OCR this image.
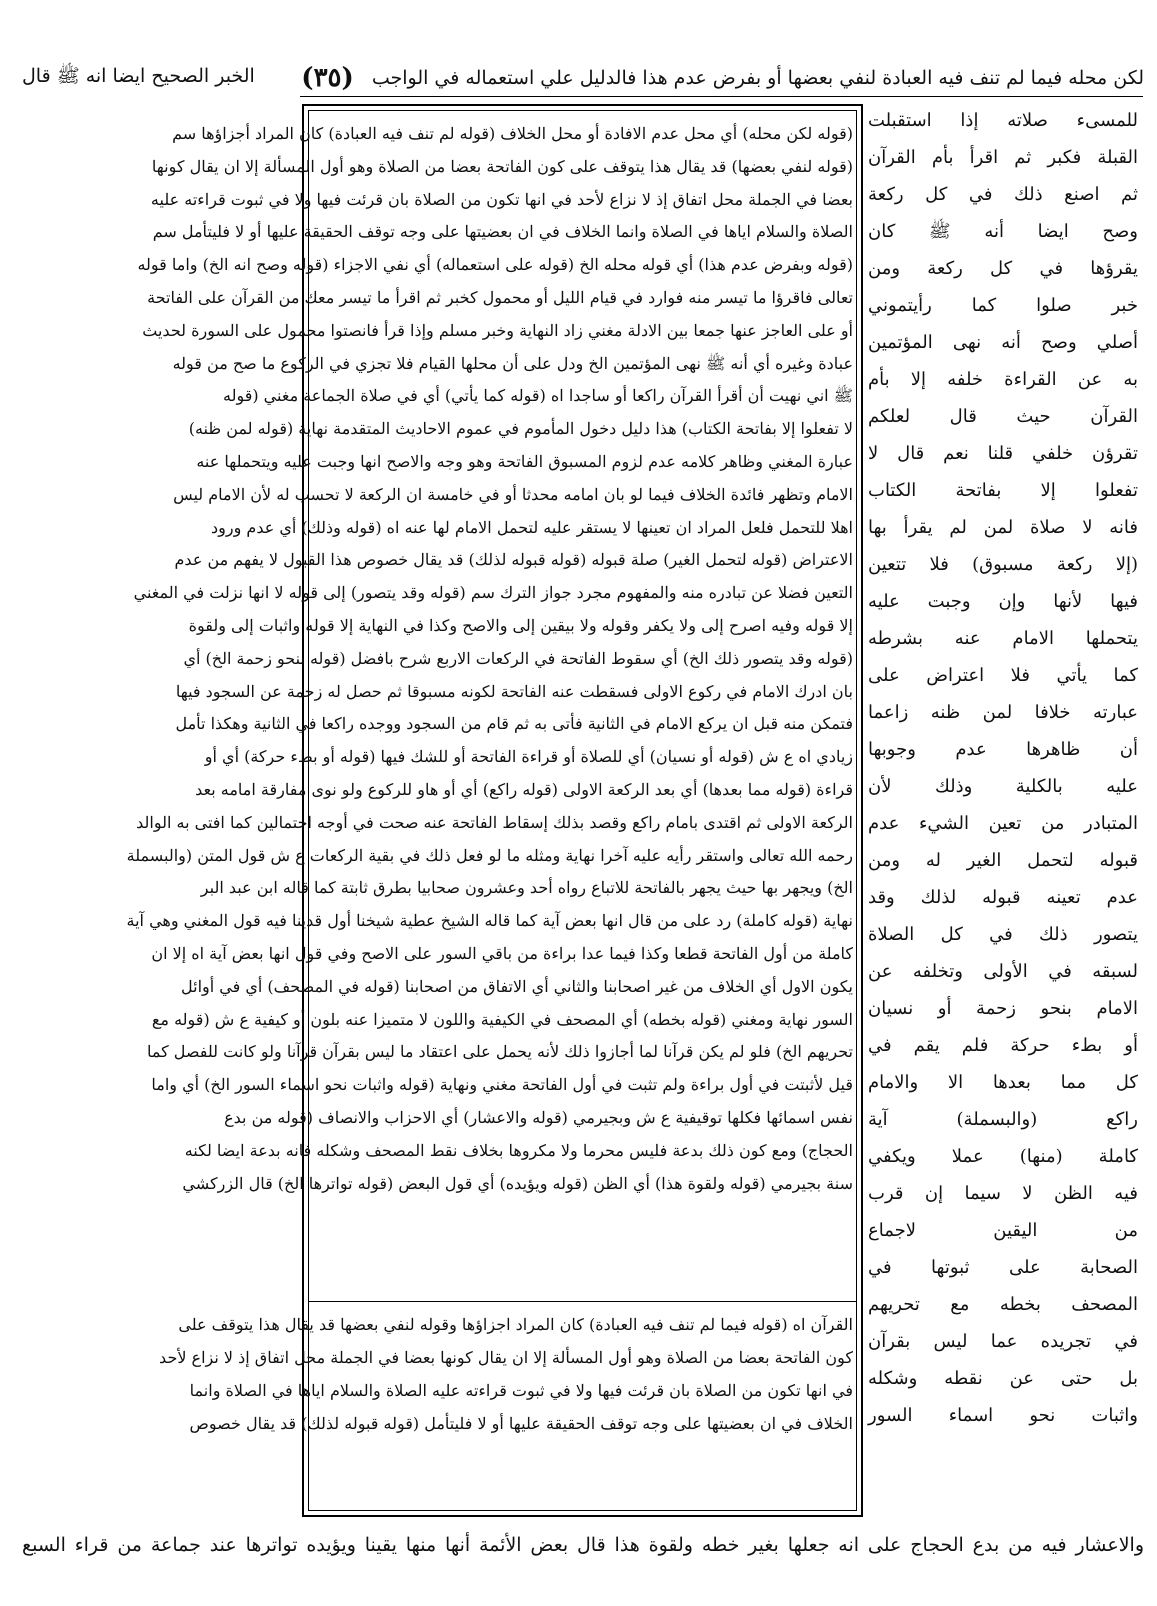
لكن محله فيما لم تنف فيه العبادة لنفي بعضها أو بفرض عدم هذا فالدليل علي استعماله في الواجب
(٣٥)
الخبر الصحيح ايضا انه ﷺ قال
للمسىء صلاته إذا استقبلت
القبلة فكبر ثم اقرأ بأم القرآن
ثم اصنع ذلك في كل ركعة
وصح ايضا أنه ﷺ كان
يقرؤها في كل ركعة ومن
خبر صلوا كما رأيتموني
أصلي وصح أنه نهى المؤتمين
به عن القراءة خلفه إلا بأم
القرآن حيث قال لعلكم
تقرؤن خلفي قلنا نعم قال لا
تفعلوا إلا بفاتحة الكتاب
فانه لا صلاة لمن لم يقرأ بها
(إلا ركعة مسبوق) فلا تتعين
فيها لأنها وإن وجبت عليه
يتحملها الامام عنه بشرطه
كما يأتي فلا اعتراض على
عبارته خلافا لمن ظنه زاعما
أن ظاهرها عدم وجوبها
عليه بالكلية وذلك لأن
المتبادر من تعين الشيء عدم
قبوله لتحمل الغير له ومن
عدم تعينه قبوله لذلك وقد
يتصور ذلك في كل الصلاة
لسبقه في الأولى وتخلفه عن
الامام بنحو زحمة أو نسيان
أو بطء حركة فلم يقم في
كل مما بعدها الا والامام
راكع (والبسملة) آية
كاملة (منها) عملا ويكفي
فيه الظن لا سيما إن قرب
من اليقين لاجماع
الصحابة على ثبوتها في
المصحف بخطه مع تحريهم
في تجريده عما ليس بقرآن
بل حتى عن نقطه وشكله
واثبات نحو اسماء السور
(قوله لكن محله) أي محل عدم الافادة أو محل الخلاف (قوله لم تنف فيه العبادة) كان المراد أجزاؤها سم
(قوله لنفي بعضها) قد يقال هذا يتوقف على كون الفاتحة بعضا من الصلاة وهو أول المسألة إلا ان يقال كونها
بعضا في الجملة محل اتفاق إذ لا نزاع لأحد في انها تكون من الصلاة بان قرئت فيها ولا في ثبوت قراءته عليه
الصلاة والسلام اياها في الصلاة وانما الخلاف في ان بعضيتها على وجه توقف الحقيقة عليها أو لا فليتأمل سم
(قوله وبفرض عدم هذا) أي قوله محله الخ (قوله على استعماله) أي نفي الاجزاء (قوله وصح انه الخ) واما قوله
تعالى فاقرؤا ما تيسر منه فوارد في قيام الليل أو محمول كخبر ثم اقرأ ما تيسر معك من القرآن على الفاتحة
أو على العاجز عنها جمعا بين الادلة مغني زاد النهاية وخبر مسلم وإذا قرأ فانصتوا محمول على السورة لحديث
عبادة وغيره أي أنه ﷺ نهى المؤتمين الخ ودل على أن محلها القيام فلا تجزي في الركوع ما صح من قوله
ﷺ اني نهيت أن أقرأ القرآن راكعا أو ساجدا اه (قوله كما يأتي) أي في صلاة الجماعة مغني (قوله
لا تفعلوا إلا بفاتحة الكتاب) هذا دليل دخول المأموم في عموم الاحاديث المتقدمة نهاية (قوله لمن ظنه)
عبارة المغني وظاهر كلامه عدم لزوم المسبوق الفاتحة وهو وجه والاصح انها وجبت عليه ويتحملها عنه
الامام وتظهر فائدة الخلاف فيما لو بان امامه محدثا أو في خامسة ان الركعة لا تحسب له لأن الامام ليس
اهلا للتحمل فلعل المراد ان تعينها لا يستقر عليه لتحمل الامام لها عنه اه (قوله وذلك) أي عدم ورود
الاعتراض (قوله لتحمل الغير) صلة قبوله (قوله قبوله لذلك) قد يقال خصوص هذا القبول لا يفهم من عدم
التعين فضلا عن تبادره منه والمفهوم مجرد جواز الترك سم (قوله وقد يتصور) إلى قوله لا انها نزلت في المغني
إلا قوله وفيه اصرح إلى ولا يكفر وقوله ولا بيقين إلى والاصح وكذا في النهاية إلا قوله واثبات إلى ولقوة
(قوله وقد يتصور ذلك الخ) أي سقوط الفاتحة في الركعات الاربع شرح بافضل (قوله بنحو زحمة الخ) أي
بان ادرك الامام في ركوع الاولى فسقطت عنه الفاتحة لكونه مسبوقا ثم حصل له زحمة عن السجود فيها
فتمكن منه قبل ان يركع الامام في الثانية فأتى به ثم قام من السجود ووجده راكعا في الثانية وهكذا تأمل
زيادي اه ع ش (قوله أو نسيان) أي للصلاة أو قراءة الفاتحة أو للشك فيها (قوله أو بطء حركة) أي أو
قراءة (قوله مما بعدها) أي بعد الركعة الاولى (قوله راكع) أي أو هاو للركوع ولو نوى مفارقة امامه بعد
الركعة الاولى ثم اقتدى بامام راكع وقصد بذلك إسقاط الفاتحة عنه صحت في أوجه احتمالين كما افتى به الوالد
رحمه الله تعالى واستقر رأيه عليه آخرا نهاية ومثله ما لو فعل ذلك في بقية الركعات ع ش قول المتن (والبسملة
الخ) ويجهر بها حيث يجهر بالفاتحة للاتباع رواه أحد وعشرون صحابيا بطرق ثابتة كما قاله ابن عبد البر
نهاية (قوله كاملة) رد على من قال انها بعض آية كما قاله الشيخ عطية شيخنا أول قدينا فيه قول المغني وهي آية
كاملة من أول الفاتحة قطعا وكذا فيما عدا براءة من باقي السور على الاصح وفي قول انها بعض آية اه إلا ان
يكون الاول أي الخلاف من غير اصحابنا والثاني أي الاتفاق من اصحابنا (قوله في المصحف) أي في أوائل
السور نهاية ومغني (قوله بخطه) أي المصحف في الكيفية واللون لا متميزا عنه بلون أو كيفية ع ش (قوله مع
تحريهم الخ) فلو لم يكن قرآنا لما أجازوا ذلك لأنه يحمل على اعتقاد ما ليس بقرآن قرآنا ولو كانت للفصل كما
قيل لأثبتت في أول براءة ولم تثبت في أول الفاتحة مغني ونهاية (قوله واثبات نحو اسماء السور الخ) أي واما
نفس اسمائها فكلها توقيفية ع ش وبجيرمي (قوله والاعشار) أي الاحزاب والانصاف (قوله من بدع
الحجاج) ومع كون ذلك بدعة فليس محرما ولا مكروها بخلاف نقط المصحف وشكله فانه بدعة ايضا لكنه
سنة بجيرمي (قوله ولقوة هذا) أي الظن (قوله ويؤيده) أي قول البعض (قوله تواترها الخ) قال الزركشي
القرآن اه (قوله فيما لم تنف فيه العبادة) كان المراد اجزاؤها وقوله لنفي بعضها قد يقال هذا يتوقف على
كون الفاتحة بعضا من الصلاة وهو أول المسألة إلا ان يقال كونها بعضا في الجملة محل اتفاق إذ لا نزاع لأحد
في انها تكون من الصلاة بان قرئت فيها ولا في ثبوت قراءته عليه الصلاة والسلام اياها في الصلاة وانما
الخلاف في ان بعضيتها على وجه توقف الحقيقة عليها أو لا فليتأمل (قوله قبوله لذلك) قد يقال خصوص
والاعشار فيه من بدع الحجاج على انه جعلها بغير خطه ولقوة هذا قال بعض الأئمة أنها منها يقينا ويؤيده تواترها عند جماعة من قراء السبع
